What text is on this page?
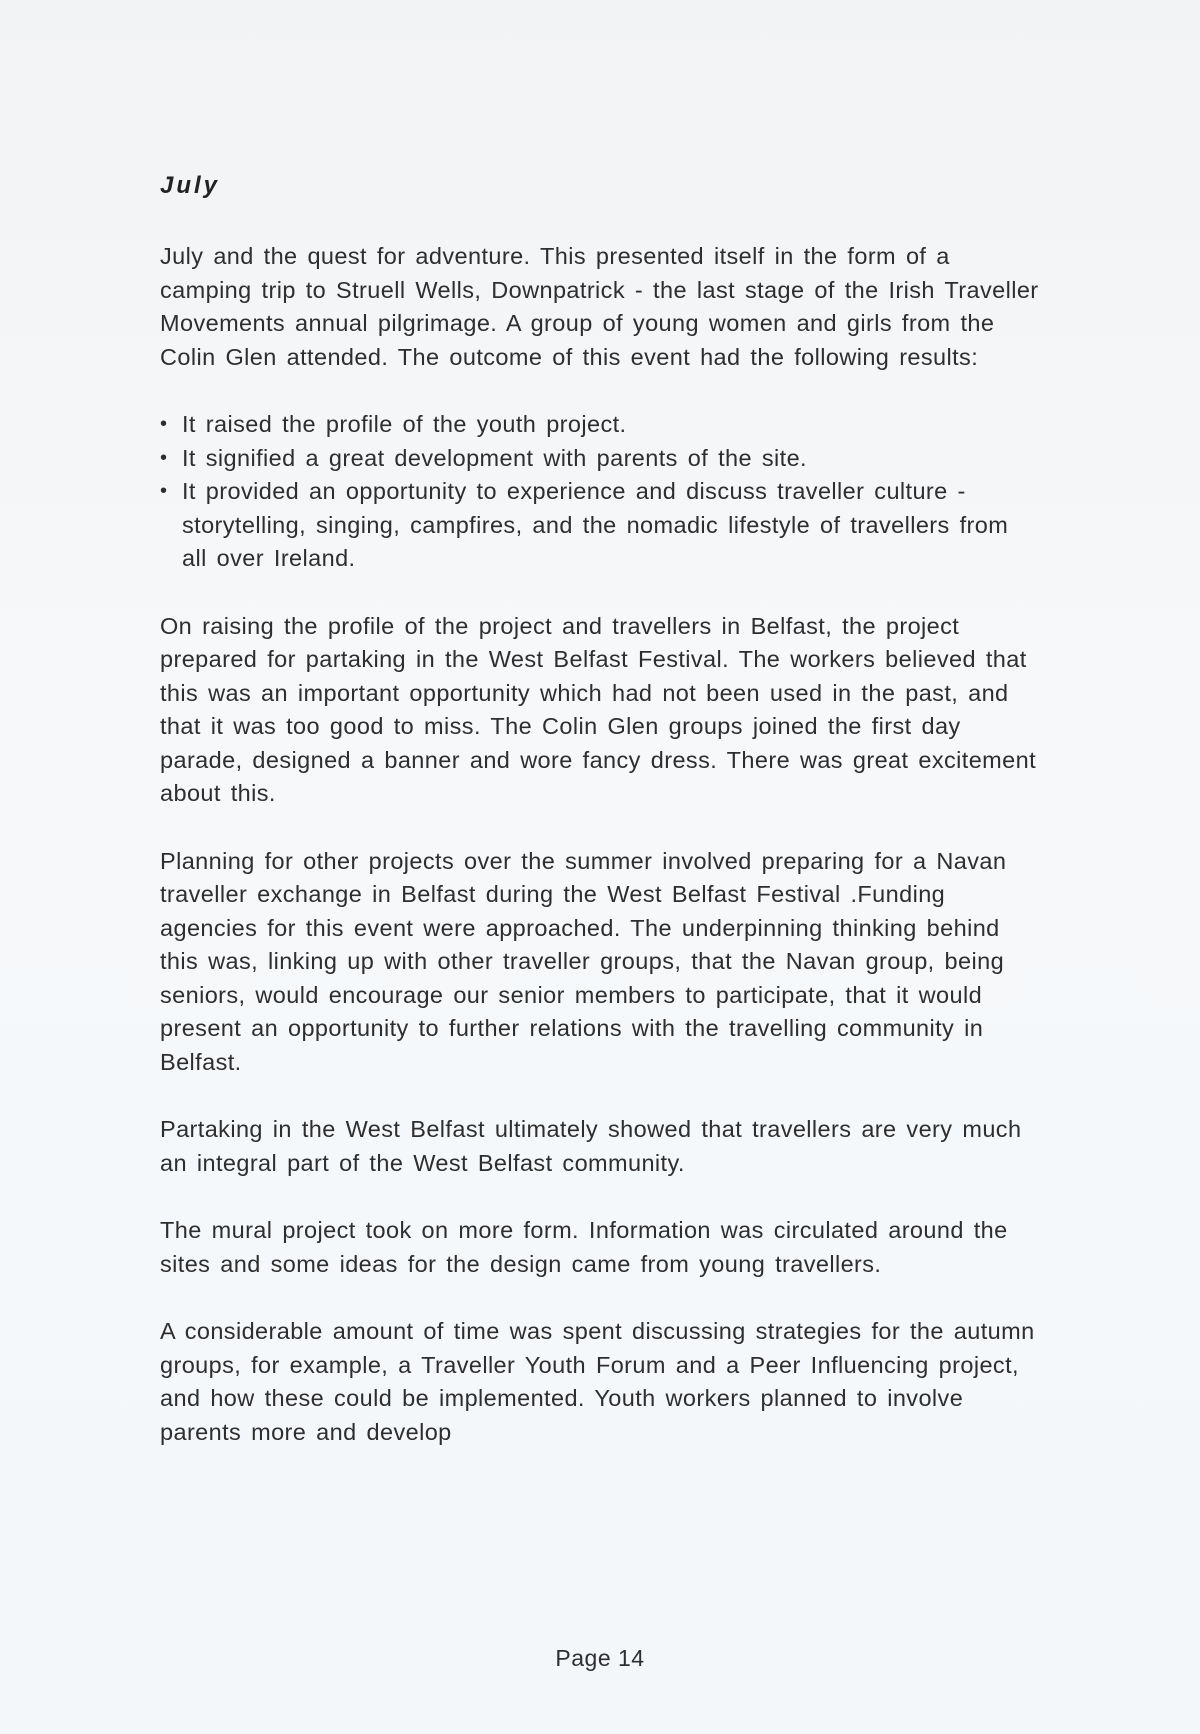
July

July and the quest for adventure. This presented itself in the form of a camping trip to Struell Wells, Downpatrick - the last stage of the Irish Traveller Movements annual pilgrimage. A group of young women and girls from the Colin Glen attended. The outcome of this event had the following results:

• It raised the profile of the youth project.
• It signified a great development with parents of the site.
• It provided an opportunity to experience and discuss traveller culture - storytelling, singing, campfires, and the nomadic lifestyle of travellers from all over Ireland.

On raising the profile of the project and travellers in Belfast, the project prepared for partaking in the West Belfast Festival. The workers believed that this was an important opportunity which had not been used in the past, and that it was too good to miss. The Colin Glen groups joined the first day parade, designed a banner and wore fancy dress. There was great excitement about this.

Planning for other projects over the summer involved preparing for a Navan traveller exchange in Belfast during the West Belfast Festival .Funding agencies for this event were approached. The underpinning thinking behind this was, linking up with other traveller groups, that the Navan group, being seniors, would encourage our senior members to participate, that it would present an opportunity to further relations with the travelling community in Belfast.

Partaking in the West Belfast ultimately showed that travellers are very much an integral part of the West Belfast community.

The mural project took on more form. Information was circulated around the sites and some ideas for the design came from young travellers.

A considerable amount of time was spent discussing strategies for the autumn groups, for example, a Traveller Youth Forum and a Peer Influencing project, and how these could be implemented. Youth workers planned to involve parents more and develop

Page 14
